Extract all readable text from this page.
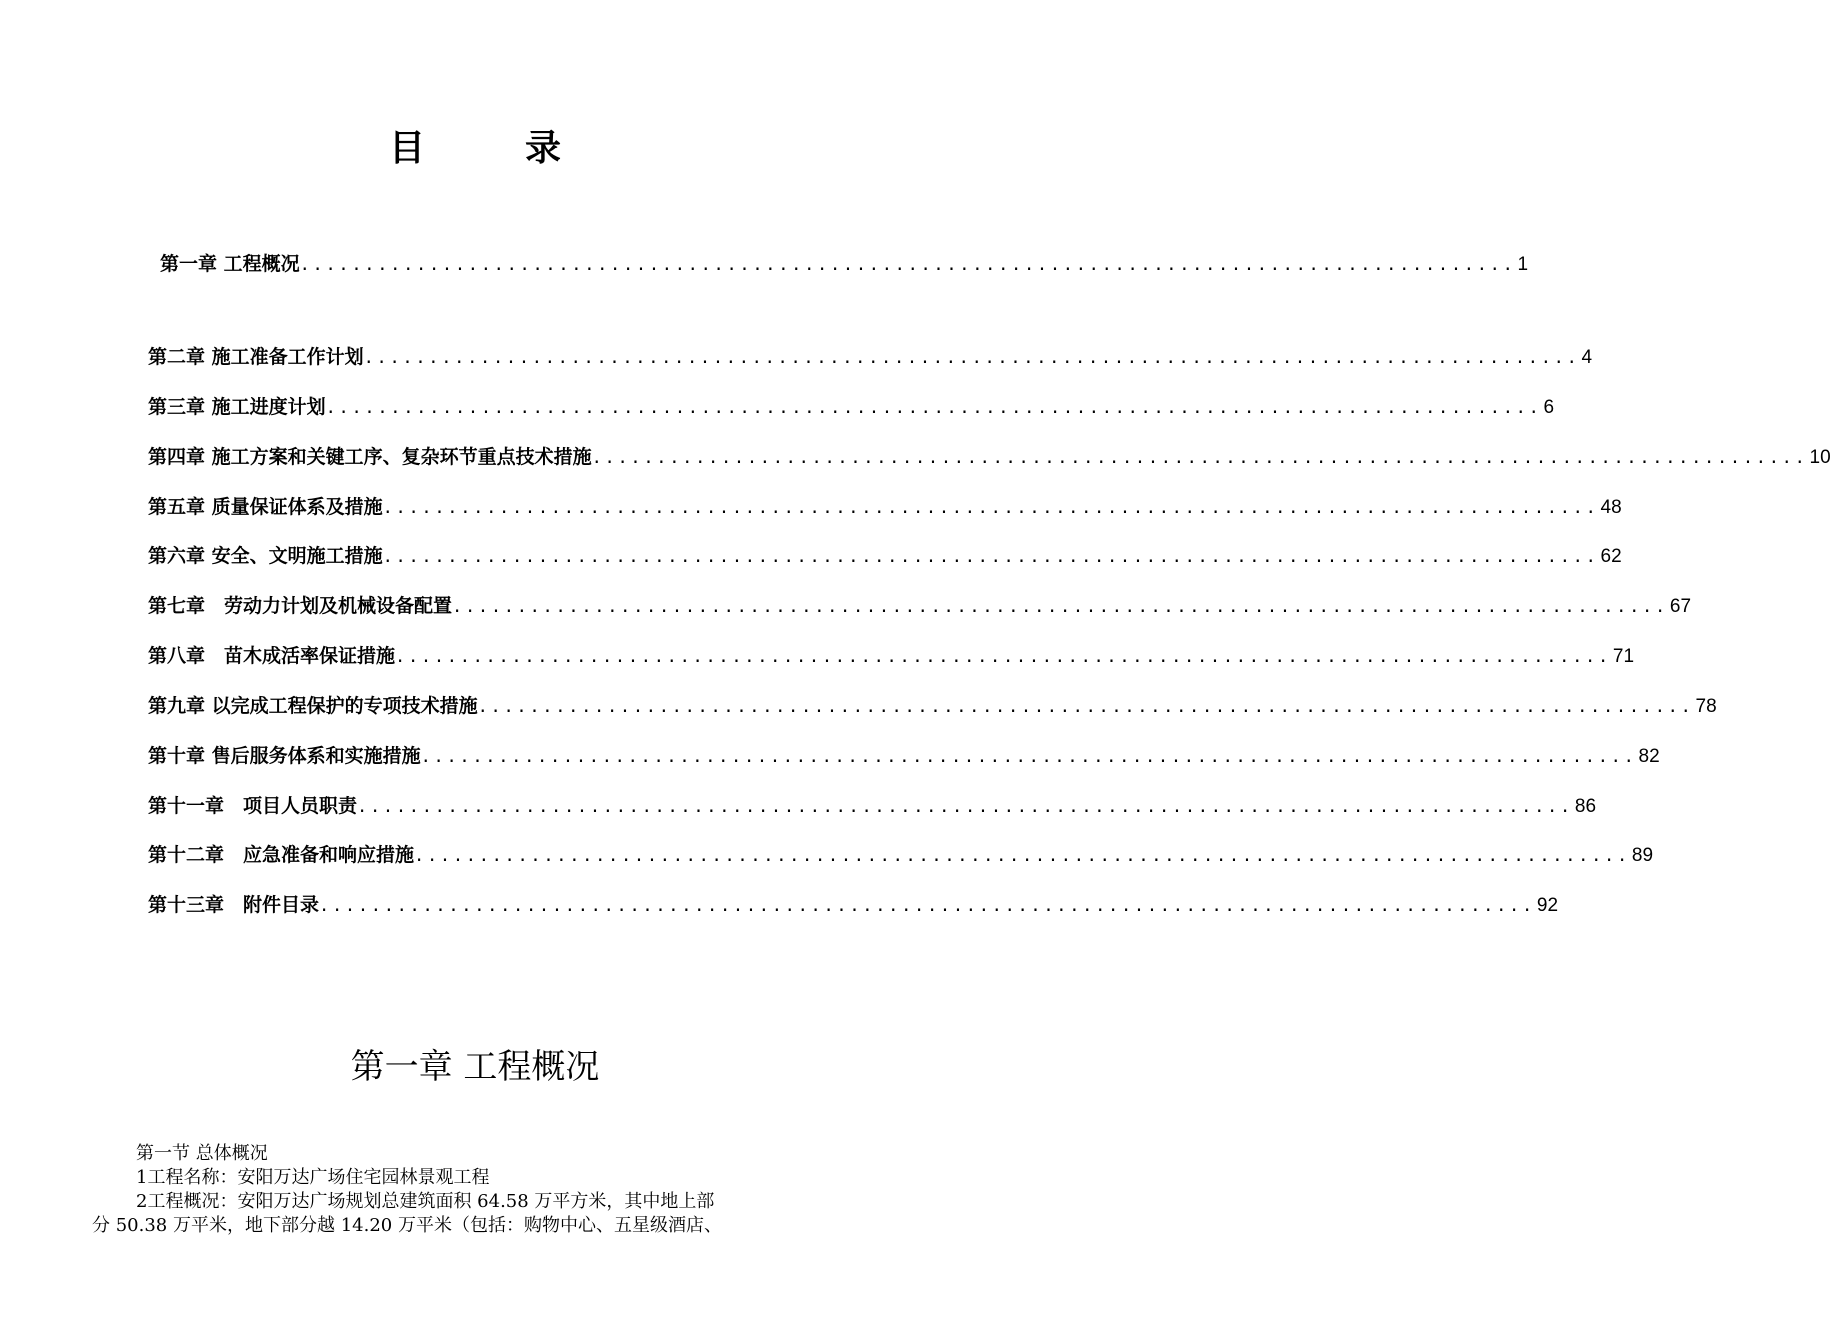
目	录
第一章 工程概况 .............................................................................................. 1
第二章 施工准备工作计划 .............................................................................................. 4
第三章 施工进度计划 .............................................................................................. 6
第四章 施工方案和关键工序、复杂环节重点技术措施 .............................................................................................. 10
第五章 质量保证体系及措施 .............................................................................................. 48
第六章 安全、文明施工措施 .............................................................................................. 62
第七章　劳动力计划及机械设备配置 .............................................................................................. 67
第八章　苗木成活率保证措施 .............................................................................................. 71
第九章 以完成工程保护的专项技术措施 .............................................................................................. 78
第十章 售后服务体系和实施措施 .............................................................................................. 82
第十一章　项目人员职责 .............................................................................................. 86
第十二章　应急准备和响应措施 .............................................................................................. 89
第十三章　附件目录 .............................................................................................. 92
第一章 工程概况
第一节 总体概况
1工程名称：安阳万达广场住宅园林景观工程
2工程概况：安阳万达广场规划总建筑面积 64.58 万平方米，其中地上部
分 50.38 万平米，地下部分越 14.20 万平米（包括：购物中心、五星级酒店、
